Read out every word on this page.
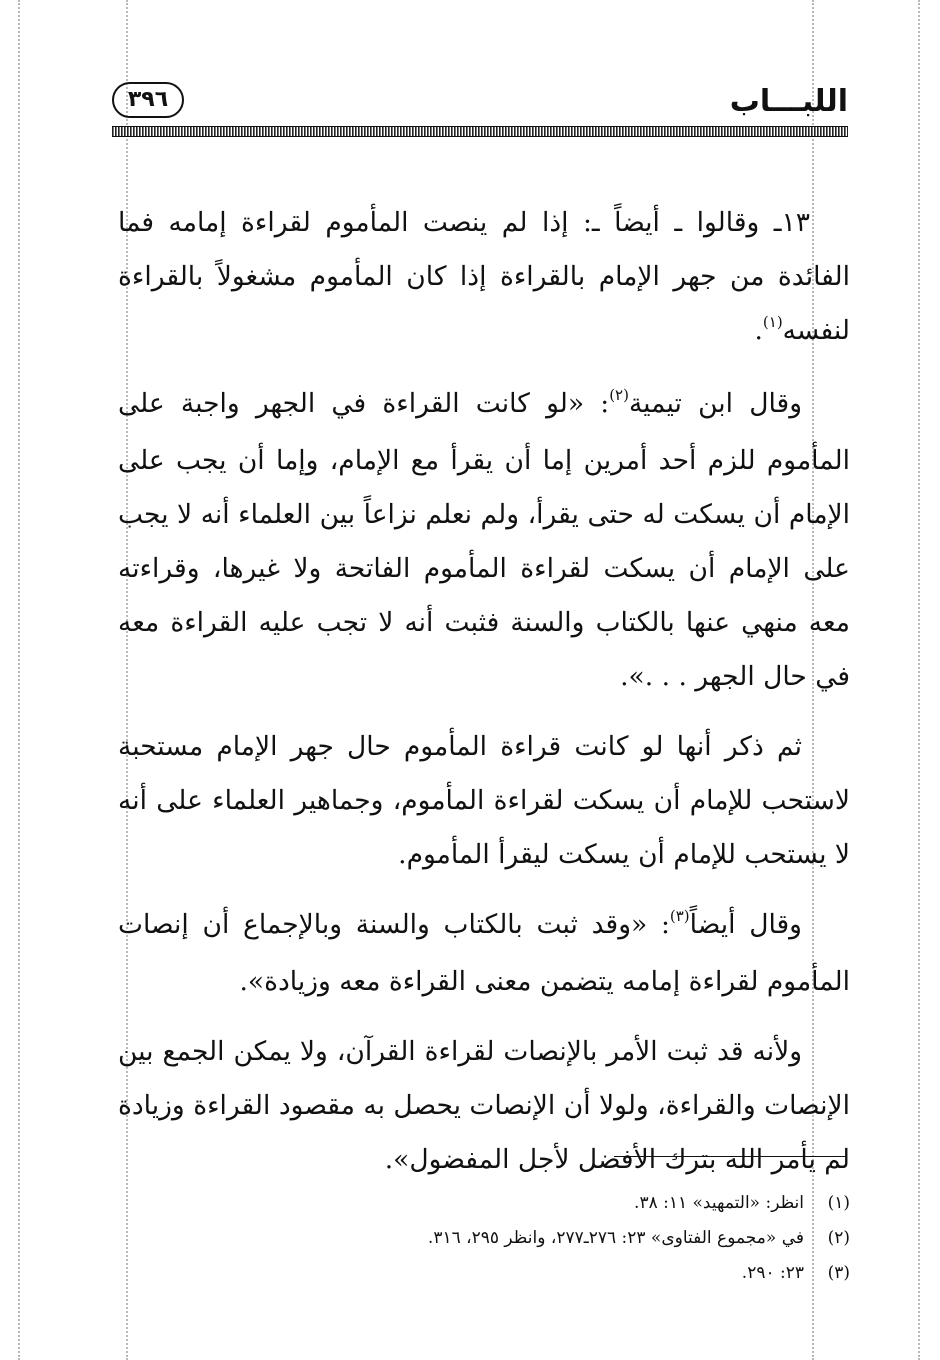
اللبـــاب
٣٩٦

١٣ـ وقالوا ـ أيضاً ـ: إذا لم ينصت المأموم لقراءة إمامه فما الفائدة من جهر الإمام بالقراءة إذا كان المأموم مشغولاً بالقراءة لنفسه$^{(١)}$.

وقال ابن تيمية$^{(٢)}$: «لو كانت القراءة في الجهر واجبة على المأموم للزم أحد أمرين إما أن يقرأ مع الإمام، وإما أن يجب على الإمام أن يسكت له حتى يقرأ، ولم نعلم نزاعاً بين العلماء أنه لا يجب على الإمام أن يسكت لقراءة المأموم الفاتحة ولا غيرها، وقراءته معه منهي عنها بالكتاب والسنة فثبت أنه لا تجب عليه القراءة معه في حال الجهر . . .».

ثم ذكر أنها لو كانت قراءة المأموم حال جهر الإمام مستحبة لاستحب للإمام أن يسكت لقراءة المأموم، وجماهير العلماء على أنه لا يستحب للإمام أن يسكت ليقرأ المأموم.

وقال أيضاً$^{(٣)}$: «وقد ثبت بالكتاب والسنة وبالإجماع أن إنصات المأموم لقراءة إمامه يتضمن معنى القراءة معه وزيادة».

ولأنه قد ثبت الأمر بالإنصات لقراءة القرآن، ولا يمكن الجمع بين الإنصات والقراءة، ولولا أن الإنصات يحصل به مقصود القراءة وزيادة لم يأمر الله بترك الأفضل لأجل المفضول».

(١)انظر: «التمهيد» ١١: ٣٨.
(٢)في «مجموع الفتاوى» ٢٣: ٢٧٦ـ٢٧٧، وانظر ٢٩٥، ٣١٦.
(٣)٢٣: ٢٩٠.
